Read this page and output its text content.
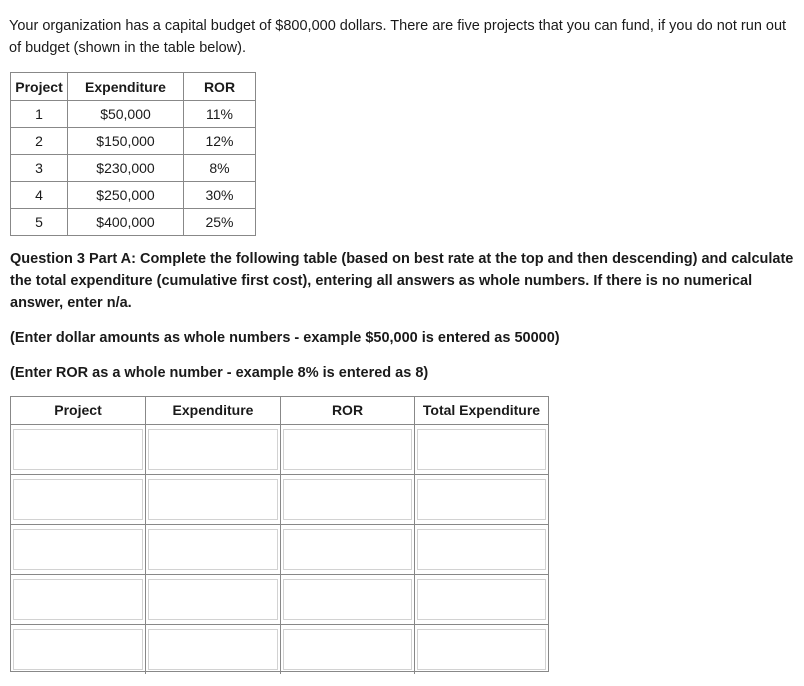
Your organization has a capital budget of $800,000 dollars. There are five projects that you can fund, if you do not run out of budget (shown in the table below).

Project	Expenditure	ROR
1	$50,000	11%
2	$150,000	12%
3	$230,000	8%
4	$250,000	30%
5	$400,000	25%

Question 3 Part A: Complete the following table (based on best rate at the top and then descending) and calculate the total expenditure (cumulative first cost), entering all answers as whole numbers. If there is no numerical answer, enter n/a.

(Enter dollar amounts as whole numbers - example $50,000 is entered as 50000)

(Enter ROR as a whole number - example 8% is entered as 8)

Project	Expenditure	ROR	Total Expenditure
